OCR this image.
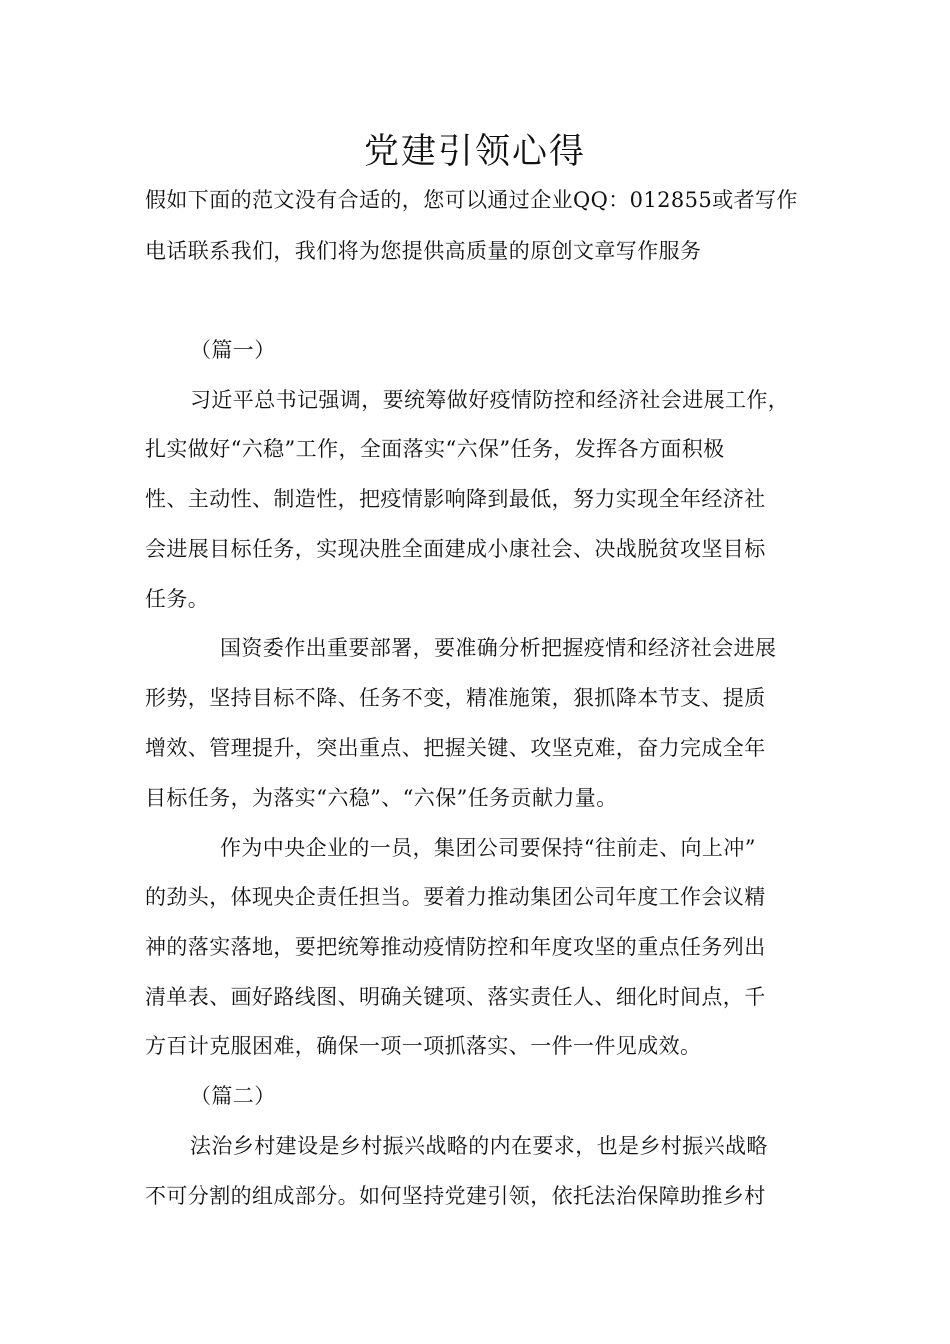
党建引领心得
假如下面的范文没有合适的，您可以通过企业QQ：012855或者写作
电话联系我们，我们将为您提供高质量的原创文章写作服务
（篇一）
习近平总书记强调，要统筹做好疫情防控和经济社会进展工作，
扎实做好“六稳”工作，全面落实“六保”任务，发挥各方面积极
性、主动性、制造性，把疫情影响降到最低，努力实现全年经济社
会进展目标任务，实现决胜全面建成小康社会、决战脱贫攻坚目标
任务。
国资委作出重要部署，要准确分析把握疫情和经济社会进展
形势，坚持目标不降、任务不变，精准施策，狠抓降本节支、提质
增效、管理提升，突出重点、把握关键、攻坚克难，奋力完成全年
目标任务，为落实“六稳”、“六保”任务贡献力量。
作为中央企业的一员，集团公司要保持“往前走、向上冲”
的劲头，体现央企责任担当。要着力推动集团公司年度工作会议精
神的落实落地，要把统筹推动疫情防控和年度攻坚的重点任务列出
清单表、画好路线图、明确关键项、落实责任人、细化时间点，千
方百计克服困难，确保一项一项抓落实、一件一件见成效。
（篇二）
法治乡村建设是乡村振兴战略的内在要求，也是乡村振兴战略
不可分割的组成部分。如何坚持党建引领，依托法治保障助推乡村
